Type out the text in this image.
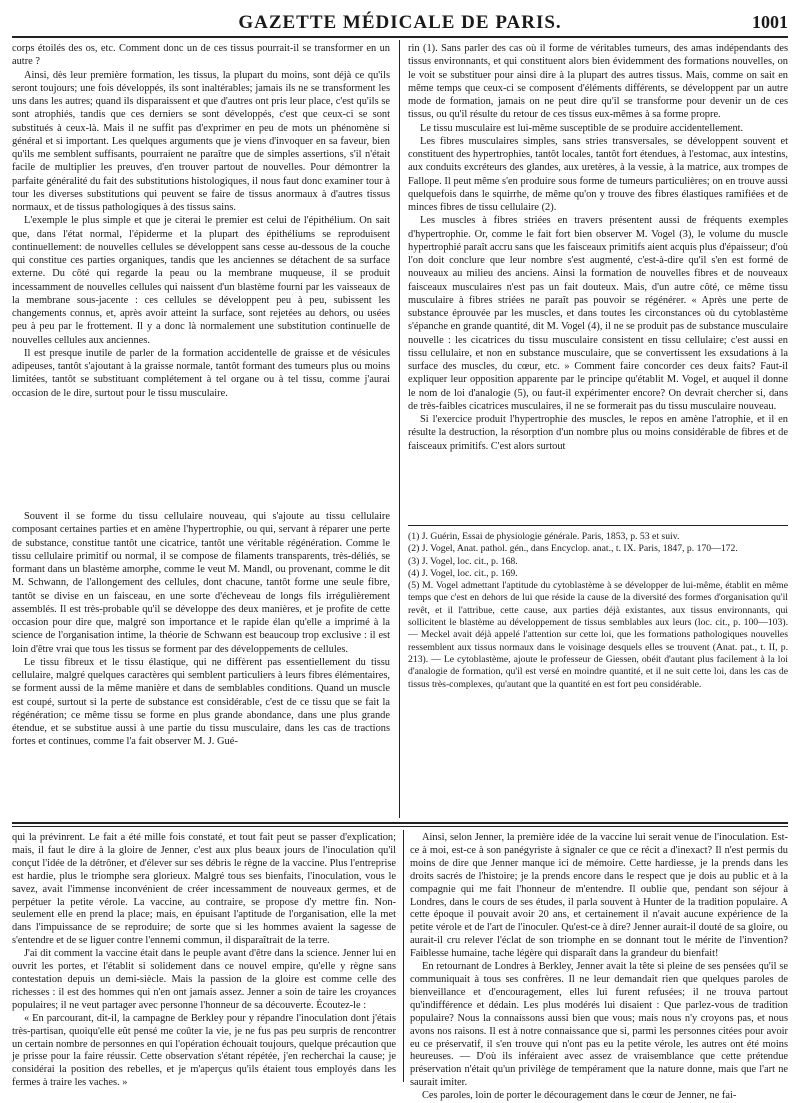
GAZETTE MÉDICALE DE PARIS.	1001

corps étoilés des os, etc. Comment donc un de ces tissus pourrait-il se transformer en un autre ?

Ainsi, dès leur première formation, les tissus, la plupart du moins, sont déjà ce qu'ils seront toujours; une fois développés, ils sont inaltérables; jamais ils ne se transforment les uns dans les autres; quand ils disparaissent et que d'autres ont pris leur place, c'est qu'ils se sont atrophiés, tandis que ces derniers se sont développés, c'est que ceux-ci se sont substitués à ceux-là. Mais il ne suffit pas d'exprimer en peu de mots un phénomène si général et si important. Les quelques arguments que je viens d'invoquer en sa faveur, bien qu'ils me semblent suffisants, pourraient ne paraître que de simples assertions, s'il n'était facile de multiplier les preuves, d'en trouver partout de nouvelles. Pour démontrer la parfaite généralité du fait des substitutions histologiques, il nous faut donc examiner tour à tour les diverses substitutions qui peuvent se faire de tissus anormaux à d'autres tissus normaux, et de tissus pathologiques à des tissus sains.

L'exemple le plus simple et que je citerai le premier est celui de l'épithélium. On sait que, dans l'état normal, l'épiderme et la plupart des épithéliums se reproduisent continuellement: de nouvelles cellules se développent sans cesse au-dessous de la couche qui constitue ces parties organiques, tandis que les anciennes se détachent de sa surface externe. Du côté qui regarde la peau ou la membrane muqueuse, il se produit incessamment de nouvelles cellules qui naissent d'un blastème fourni par les vaisseaux de la membrane sous-jacente : ces cellules se développent peu à peu, subissent les changements connus, et, après avoir atteint la surface, sont rejetées au dehors, ou usées peu à peu par le frottement. Il y a donc là normalement une substitution continuelle de nouvelles cellules aux anciennes.

Il est presque inutile de parler de la formation accidentelle de graisse et de vésicules adipeuses, tantôt s'ajoutant à la graisse normale, tantôt formant des tumeurs plus ou moins limitées, tantôt se substituant complétement à tel organe ou à tel tissu, comme j'aurai occasion de le dire, surtout pour le tissu musculaire.

Souvent il se forme du tissu cellulaire nouveau, qui s'ajoute au tissu cellulaire composant certaines parties et en amène l'hypertrophie, ou qui, servant à réparer une perte de substance, constitue tantôt une cicatrice, tantôt une véritable régénération. Comme le tissu cellulaire primitif ou normal, il se compose de filaments transparents, très-déliés, se formant dans un blastème amorphe, comme le veut M. Mandl, ou provenant, comme le dit M. Schwann, de l'allongement des cellules, dont chacune, tantôt forme une seule fibre, tantôt se divise en un faisceau, en une sorte d'écheveau de longs fils irrégulièrement assemblés. Il est très-probable qu'il se développe des deux manières, et je profite de cette occasion pour dire que, malgré son importance et le rapide élan qu'elle a imprimé à la science de l'organisation intime, la théorie de Schwann est beaucoup trop exclusive : il est loin d'être vrai que tous les tissus se forment par des développements de cellules.

Le tissu fibreux et le tissu élastique, qui ne diffèrent pas essentiellement du tissu cellulaire, malgré quelques caractères qui semblent particuliers à leurs fibres élémentaires, se forment aussi de la même manière et dans de semblables conditions. Quand un muscle est coupé, surtout si la perte de substance est considérable, c'est de ce tissu que se fait la régénération; ce même tissu se forme en plus grande abondance, dans une plus grande étendue, et se substitue aussi à une partie du tissu musculaire, dans les cas de tractions fortes et continues, comme l'a fait observer M. J. Gué-

rin (1). Sans parler des cas où il forme de véritables tumeurs, des amas indépendants des tissus environnants, et qui constituent alors bien évidemment des formations nouvelles, on le voit se substituer pour ainsi dire à la plupart des autres tissus. Mais, comme on sait en même temps que ceux-ci se composent d'éléments différents, se développent par un autre mode de formation, jamais on ne peut dire qu'il se transforme pour devenir un de ces tissus, ou qu'il résulte du retour de ces tissus eux-mêmes à sa forme propre.

Le tissu musculaire est lui-même susceptible de se produire accidentellement.

Les fibres musculaires simples, sans stries transversales, se développent souvent et constituent des hypertrophies, tantôt locales, tantôt fort étendues, à l'estomac, aux intestins, aux conduits excréteurs des glandes, aux uretères, à la vessie, à la matrice, aux trompes de Fallope. Il peut même s'en produire sous forme de tumeurs particulières; on en trouve aussi quelquefois dans le squirrhe, de même qu'on y trouve des fibres élastiques ramifiées et de minces fibres de tissu cellulaire (2).

Les muscles à fibres striées en travers présentent aussi de fréquents exemples d'hypertrophie. Or, comme le fait fort bien observer M. Vogel (3), le volume du muscle hypertrophié paraît accru sans que les faisceaux primitifs aient acquis plus d'épaisseur; d'où l'on doit conclure que leur nombre s'est augmenté, c'est-à-dire qu'il s'en est formé de nouveaux au milieu des anciens. Ainsi la formation de nouvelles fibres et de nouveaux faisceaux musculaires n'est pas un fait douteux. Mais, d'un autre côté, ce même tissu musculaire à fibres striées ne paraît pas pouvoir se régénérer. « Après une perte de substance éprouvée par les muscles, et dans toutes les circonstances où du cytoblastème s'épanche en grande quantité, dit M. Vogel (4), il ne se produit pas de substance musculaire nouvelle : les cicatrices du tissu musculaire consistent en tissu cellulaire; c'est aussi en tissu cellulaire, et non en substance musculaire, que se convertissent les exsudations à la surface des muscles, du cœur, etc. » Comment faire concorder ces deux faits? Faut-il expliquer leur opposition apparente par le principe qu'établit M. Vogel, et auquel il donne le nom de loi d'analogie (5), ou faut-il expérimenter encore? On devrait chercher si, dans de très-faibles cicatrices musculaires, il ne se formerait pas du tissu musculaire nouveau.

Si l'exercice produit l'hypertrophie des muscles, le repos en amène l'atrophie, et il en résulte la destruction, la résorption d'un nombre plus ou moins considérable de fibres et de faisceaux primitifs. C'est alors surtout

(1) J. Guérin, Essai de physiologie générale. Paris, 1853, p. 53 et suiv.

(2) J. Vogel, Anat. pathol. gén., dans Encyclop. anat., t. IX. Paris, 1847, p. 170—172.

(3) J. Vogel, loc. cit., p. 168.

(4) J. Vogel, loc. cit., p. 169.

(5) M. Vogel admettant l'aptitude du cytoblastème à se développer de lui-même, établit en même temps que c'est en dehors de lui que réside la cause de la diversité des formes d'organisation qu'il revêt, et il l'attribue, cette cause, aux parties déjà existantes, aux tissus environnants, qui sollicitent le blastème au développement de tissus semblables aux leurs (loc. cit., p. 100—103). — Meckel avait déjà appelé l'attention sur cette loi, que les formations pathologiques nouvelles ressemblent aux tissus normaux dans le voisinage desquels elles se trouvent (Anat. pat., t. II, p. 213). — Le cytoblastème, ajoute le professeur de Giessen, obéit d'autant plus facilement à la loi d'analogie de formation, qu'il est versé en moindre quantité, et il ne suit cette loi, dans les cas de tissus très-complexes, qu'autant que la quantité en est fort peu considérable.

qui la prévinrent. Le fait a été mille fois constaté, et tout fait peut se passer d'explication; mais, il faut le dire à la gloire de Jenner, c'est aux plus beaux jours de l'inoculation qu'il conçut l'idée de la détrôner, et d'élever sur ses débris le règne de la vaccine. Plus l'entreprise est hardie, plus le triomphe sera glorieux. Malgré tous ses bienfaits, l'inoculation, vous le savez, avait l'immense inconvénient de créer incessamment de nouveaux germes, et de perpétuer la petite vérole. La vaccine, au contraire, se propose d'y mettre fin. Non-seulement elle en prend la place; mais, en épuisant l'aptitude de l'organisation, elle la met dans l'impuissance de se reproduire; de sorte que si les hommes avaient la sagesse de s'entendre et de se liguer contre l'ennemi commun, il disparaîtrait de la terre.

J'ai dit comment la vaccine était dans le peuple avant d'être dans la science. Jenner lui en ouvrit les portes, et l'établit si solidement dans ce nouvel empire, qu'elle y règne sans contestation depuis un demi-siècle. Mais la passion de la gloire est comme celle des richesses : il est des hommes qui n'en ont jamais assez. Jenner a soin de taire les croyances populaires; il ne veut partager avec personne l'honneur de sa découverte. Écoutez-le :

« En parcourant, dit-il, la campagne de Berkley pour y répandre l'inoculation dont j'étais très-partisan, quoiqu'elle eût pensé me coûter la vie, je ne fus pas peu surpris de rencontrer un certain nombre de personnes en qui l'opération échouait toujours, quelque précaution que je prisse pour la faire réussir. Cette observation s'étant répétée, j'en recherchai la cause; je considérai la position des rebelles, et je m'aperçus qu'ils étaient tous employés dans les fermes à traire les vaches. »

Ainsi, selon Jenner, la première idée de la vaccine lui serait venue de l'inoculation. Est-ce à moi, est-ce à son panégyriste à signaler ce que ce récit a d'inexact? Il n'est permis du moins de dire que Jenner manque ici de mémoire. Cette hardiesse, je la prends dans les droits sacrés de l'histoire; je la prends encore dans le respect que je dois au public et à la compagnie qui me fait l'honneur de m'entendre. Il oublie que, pendant son séjour à Londres, dans le cours de ses études, il parla souvent à Hunter de la tradition populaire. A cette époque il pouvait avoir 20 ans, et certainement il n'avait aucune expérience de la petite vérole et de l'art de l'inoculer. Qu'est-ce à dire? Jenner aurait-il douté de sa gloire, ou aurait-il cru relever l'éclat de son triomphe en se donnant tout le mérite de l'invention? Faiblesse humaine, tache légère qui disparaît dans la grandeur du bienfait!

En retournant de Londres à Berkley, Jenner avait la tête si pleine de ses pensées qu'il se communiquait à tous ses confrères. Il ne leur demandait rien que quelques paroles de bienveillance et d'encouragement, elles lui furent refusées; il ne trouva partout qu'indifférence et dédain. Les plus modérés lui disaient : Que parlez-vous de tradition populaire? Nous la connaissons aussi bien que vous; mais nous n'y croyons pas, et nous avons nos raisons. Il est à notre connaissance que si, parmi les personnes citées pour avoir eu ce préservatif, il s'en trouve qui n'ont pas eu la petite vérole, les autres ont été moins heureuses. — D'où ils inféraient avec assez de vraisemblance que cette prétendue préservation n'était qu'un privilège de tempérament que la nature donne, mais que l'art ne saurait imiter.

Ces paroles, loin de porter le découragement dans le cœur de Jenner, ne fai-
